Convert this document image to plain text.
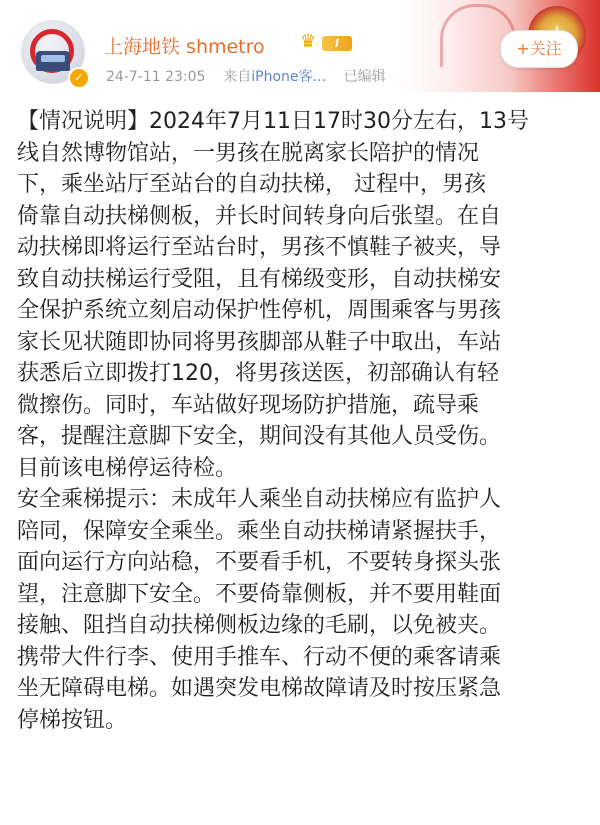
✓
上海地铁 shmetro ♛	I
24-7-11 23:05 来自iPhone客... 已编辑
+关注

【情况说明】2024年7月11日17时30分左右，13号

线自然博物馆站，一男孩在脱离家长陪护的情况

下，乘坐站厅至站台的自动扶梯， 过程中，男孩

倚靠自动扶梯侧板，并长时间转身向后张望。在自

动扶梯即将运行至站台时，男孩不慎鞋子被夹，导

致自动扶梯运行受阻，且有梯级变形，自动扶梯安

全保护系统立刻启动保护性停机，周围乘客与男孩

家长见状随即协同将男孩脚部从鞋子中取出，车站

获悉后立即拨打120，将男孩送医，初部确认有轻

微擦伤。同时，车站做好现场防护措施，疏导乘

客，提醒注意脚下安全，期间没有其他人员受伤。

目前该电梯停运待检。

安全乘梯提示：未成年人乘坐自动扶梯应有监护人

陪同，保障安全乘坐。乘坐自动扶梯请紧握扶手，

面向运行方向站稳，不要看手机，不要转身探头张

望，注意脚下安全。不要倚靠侧板，并不要用鞋面

接触、阻挡自动扶梯侧板边缘的毛刷，以免被夹。

携带大件行李、使用手推车、行动不便的乘客请乘

坐无障碍电梯。如遇突发电梯故障请及时按压紧急

停梯按钮。
